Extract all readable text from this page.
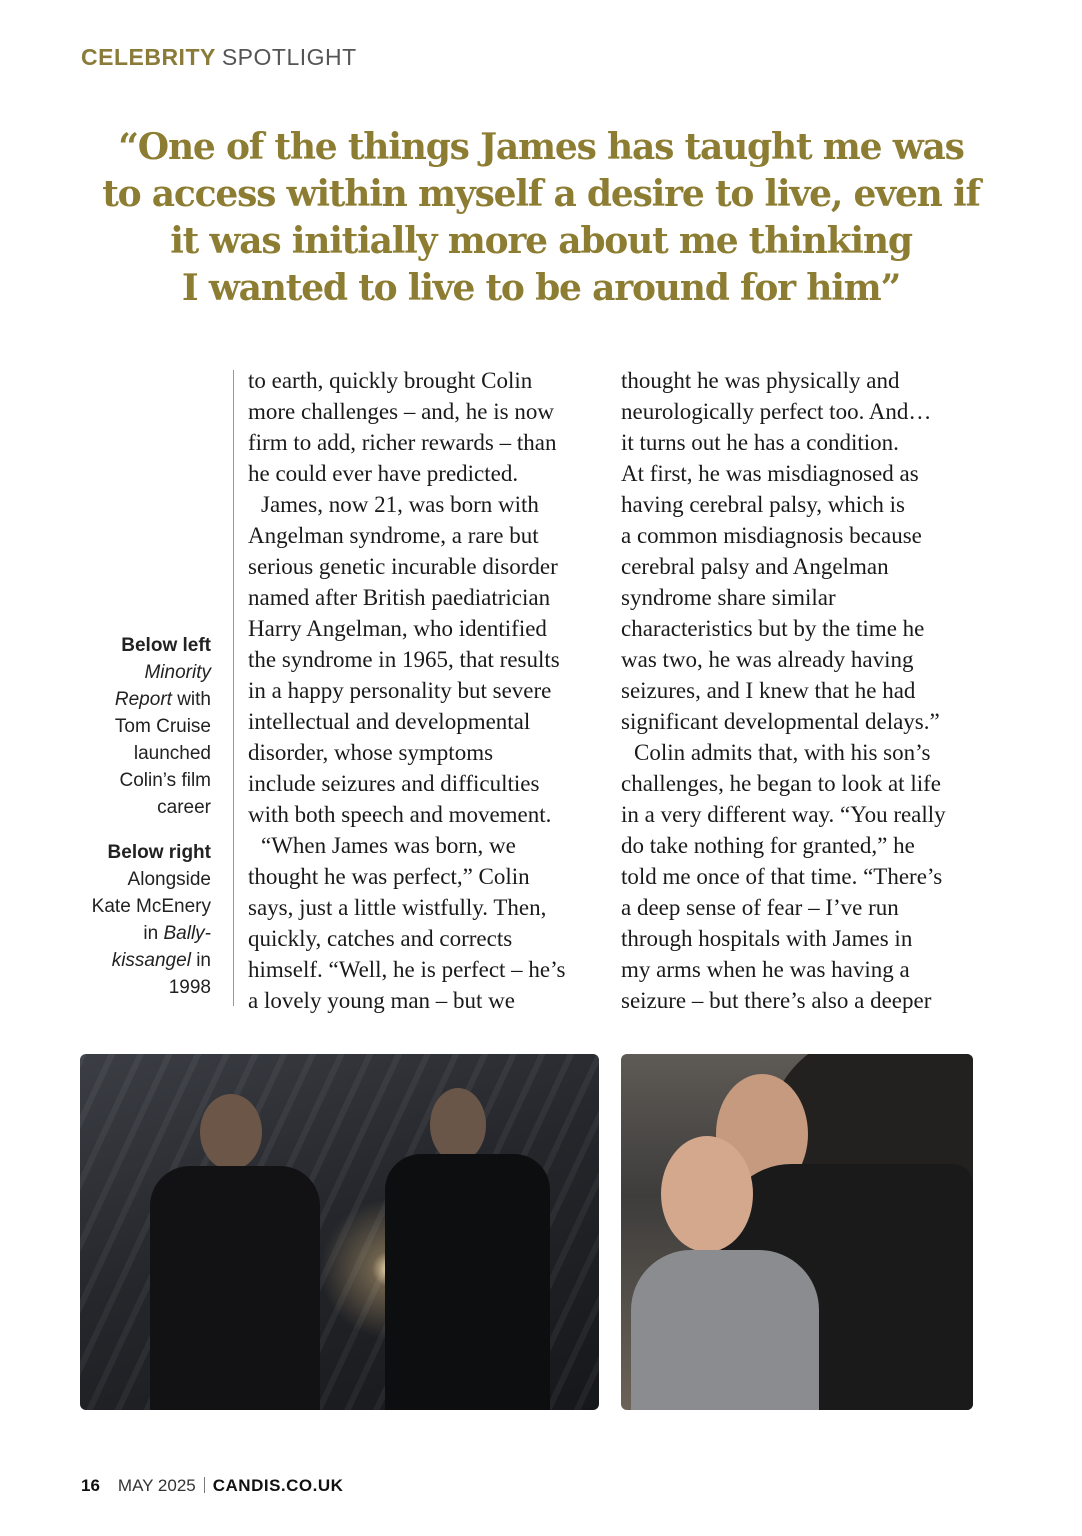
CELEBRITY SPOTLIGHT
“One of the things James has taught me was
to access within myself a desire to live, even if
it was initially more about me thinking
I wanted to live to be around for him”
Below left
Minority
Report with
Tom Cruise
launched
Colin’s film
career
Below right
Alongside
Kate McEnery
in Bally-
kissangel in
1998

to earth, quickly brought Colin
more challenges – and, he is now
firm to add, richer rewards – than
he could ever have predicted.
James, now 21, was born with
Angelman syndrome, a rare but
serious genetic incurable disorder
named after British paediatrician
Harry Angelman, who identified
the syndrome in 1965, that results
in a happy personality but severe
intellectual and developmental
disorder, whose symptoms
include seizures and difficulties
with both speech and movement.
“When James was born, we
thought he was perfect,” Colin
says, just a little wistfully. Then,
quickly, catches and corrects
himself. “Well, he is perfect – he’s
a lovely young man – but we

thought he was physically and
neurologically perfect too. And…
it turns out he has a condition.
At first, he was misdiagnosed as
having cerebral palsy, which is
a common misdiagnosis because
cerebral palsy and Angelman
syndrome share similar
characteristics but by the time he
was two, he was already having
seizures, and I knew that he had
significant developmental delays.”
Colin admits that, with his son’s
challenges, he began to look at life
in a very different way. “You really
do take nothing for granted,” he
told me once of that time. “There’s
a deep sense of fear – I’ve run
through hospitals with James in
my arms when he was having a
seizure – but there’s also a deeper

16 MAY 2025 CANDIS.CO.UK
